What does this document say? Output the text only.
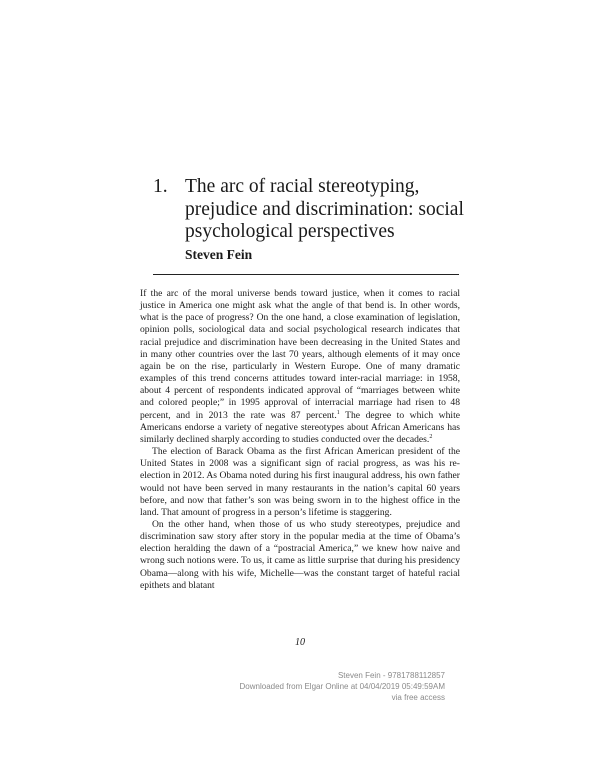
1. The arc of racial stereotyping, prejudice and discrimination: social psychological perspectives
Steven Fein

If the arc of the moral universe bends toward justice, when it comes to racial justice in America one might ask what the angle of that bend is. In other words, what is the pace of progress? On the one hand, a close examination of legislation, opinion polls, sociological data and social psychological research indicates that racial prejudice and discrimination have been decreasing in the United States and in many other countries over the last 70 years, although elements of it may once again be on the rise, particularly in Western Europe. One of many dramatic examples of this trend concerns attitudes toward inter-racial marriage: in 1958, about 4 percent of respondents indicated approval of “marriages between white and colored people;” in 1995 approval of interracial marriage had risen to 48 percent, and in 2013 the rate was 87 percent.$^1$ The degree to which white Americans endorse a variety of negative stereotypes about African Americans has similarly declined sharply according to studies conducted over the decades.$^2$

The election of Barack Obama as the first African American president of the United States in 2008 was a significant sign of racial progress, as was his re-election in 2012. As Obama noted during his first inaugural address, his own father would not have been served in many restaurants in the nation’s capital 60 years before, and now that father’s son was being sworn in to the highest office in the land. That amount of progress in a person’s lifetime is staggering.

On the other hand, when those of us who study stereotypes, prejudice and discrimination saw story after story in the popular media at the time of Obama’s election heralding the dawn of a “postracial America,” we knew how naive and wrong such notions were. To us, it came as little surprise that during his presidency Obama—along with his wife, Michelle—was the constant target of hateful racial epithets and blatant

10
Steven Fein - 9781788112857
Downloaded from Elgar Online at 04/04/2019 05:49:59AM
via free access
